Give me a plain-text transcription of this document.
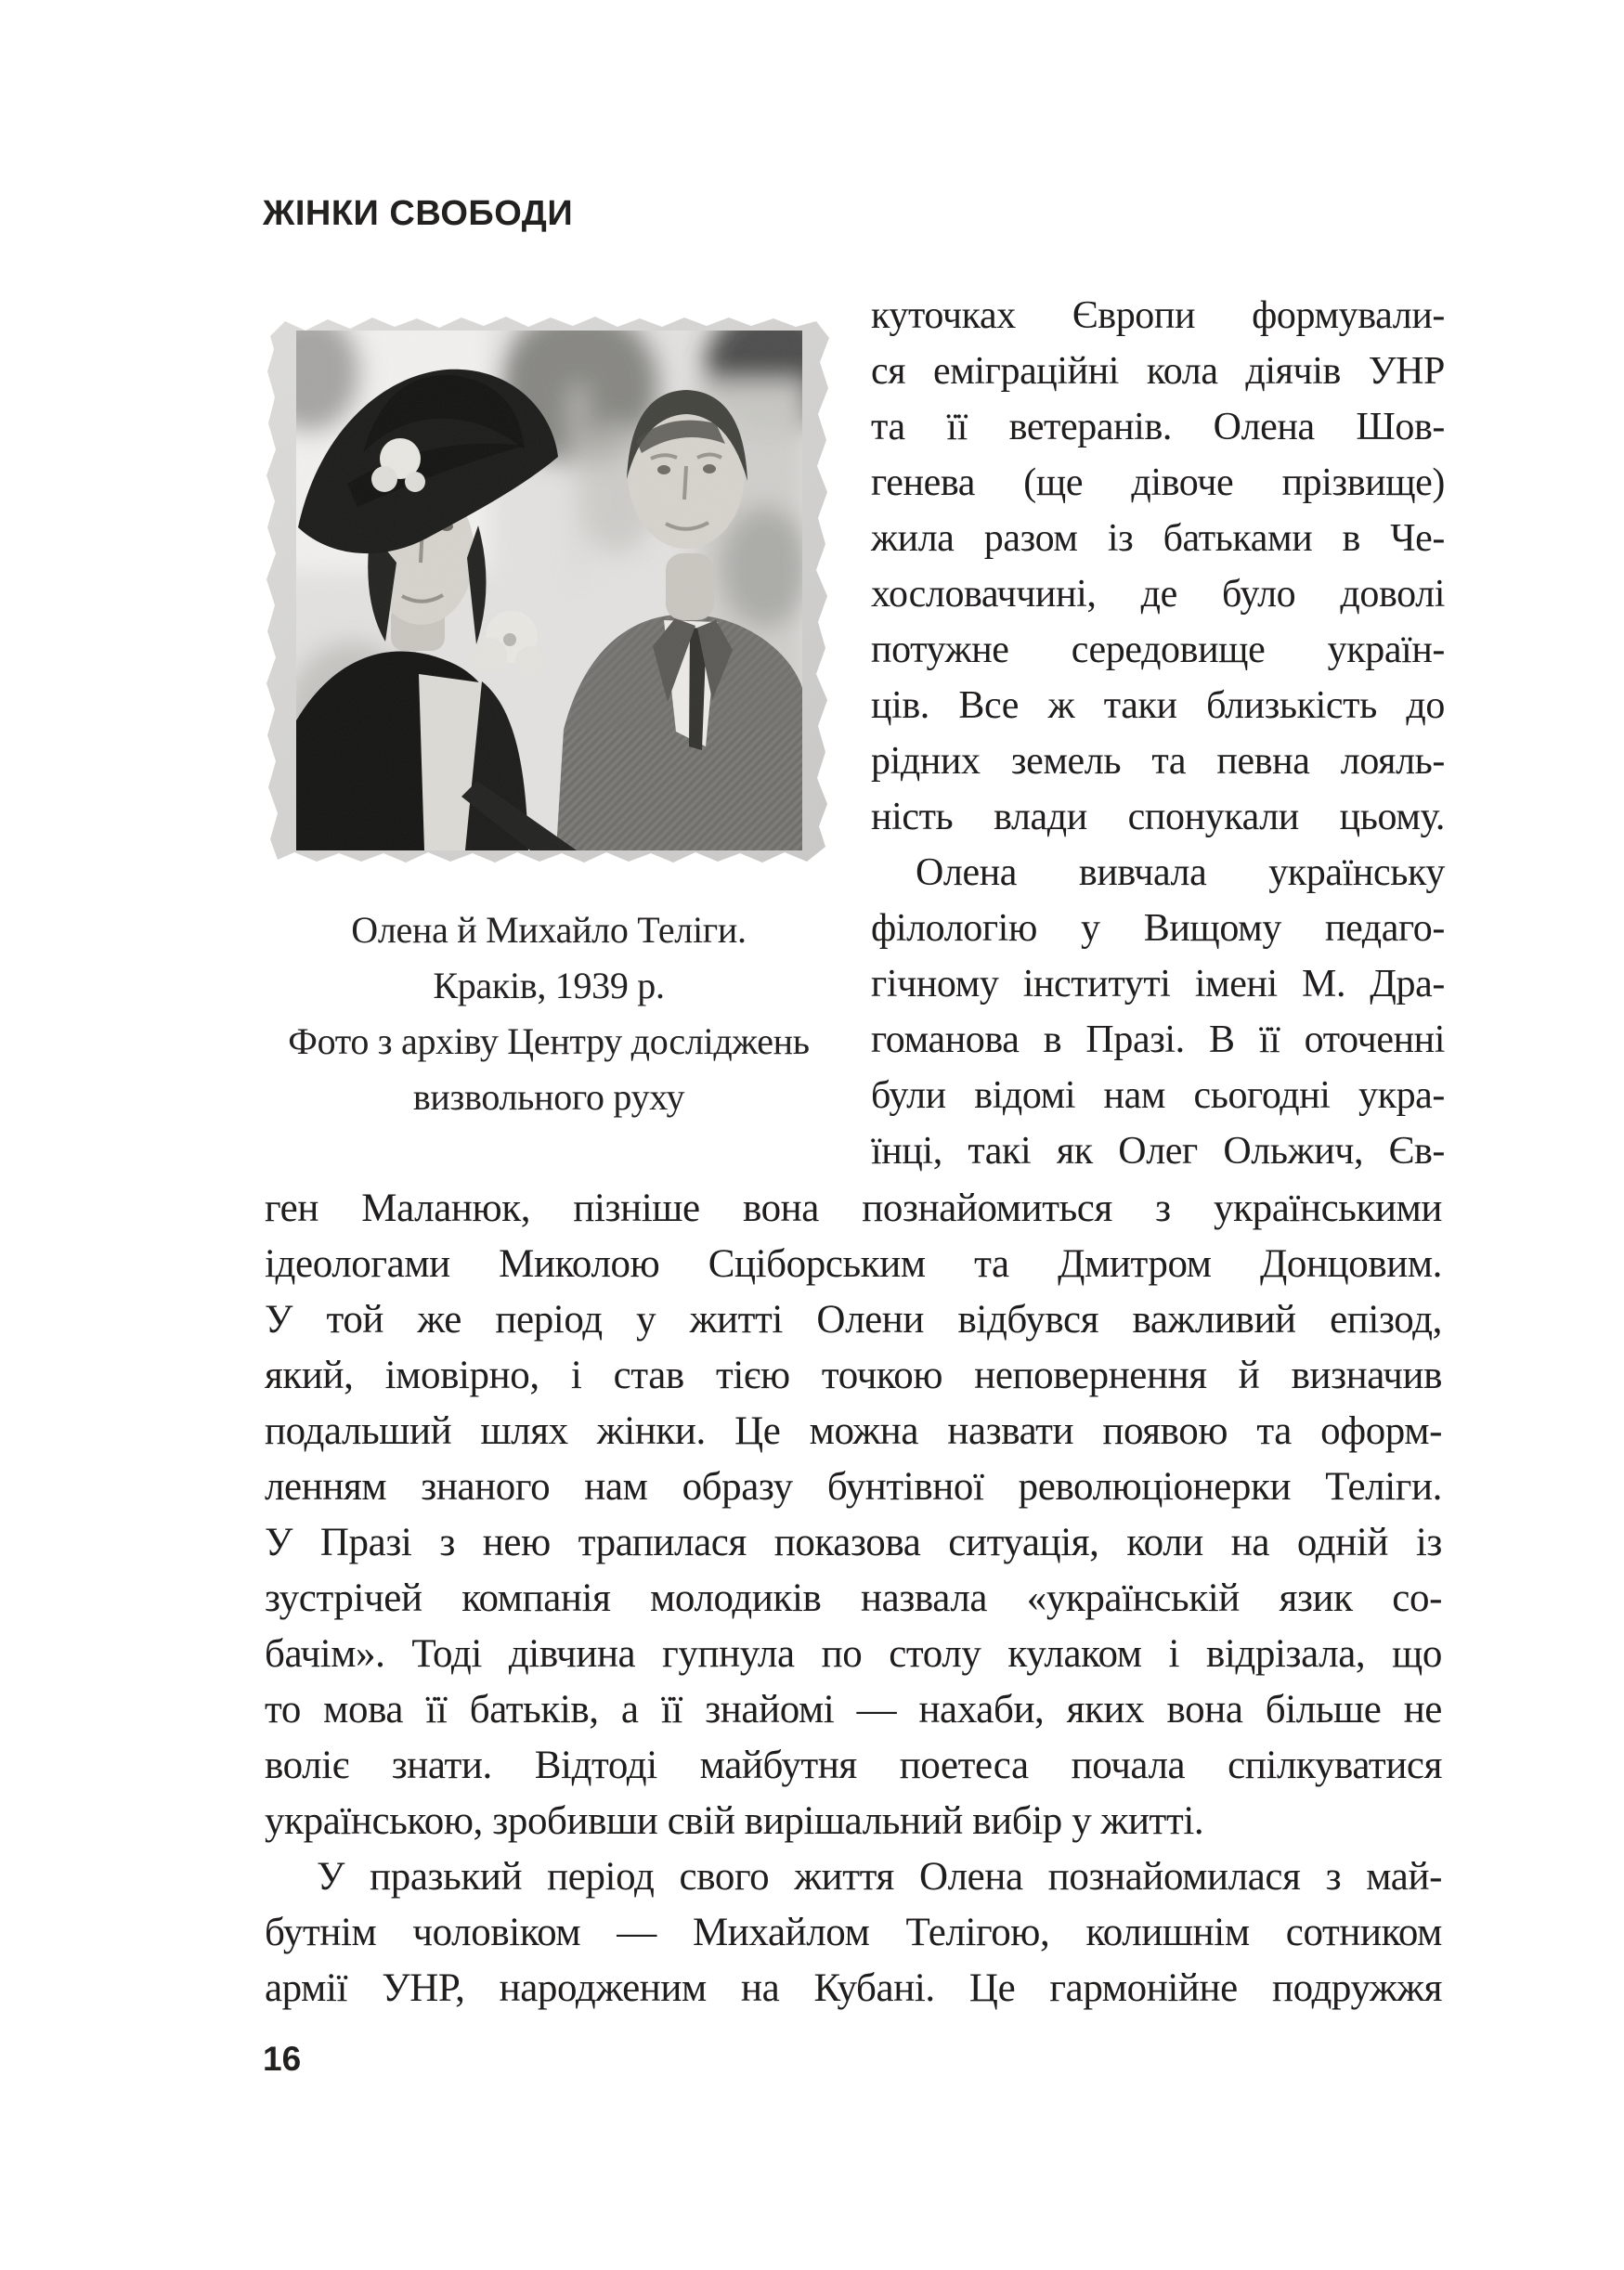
ЖІНКИ СВОБОДИ
Олена й Михайло Теліги.
Краків, 1939 р.
Фото з архіву Центру досліджень
визвольного руху
куточках Європи формували-
ся еміграційні кола діячів УНР
та її ветеранів. Олена Шов-
генева (ще дівоче прізвище)
жила разом із батьками в Че-
хословаччині, де було доволі
потужне середовище україн-
ців. Все ж таки близькість до
рідних земель та певна лояль-
ність влади спонукали цьому.
Олена вивчала українську
філологію у Вищому педаго-
гічному інституті імені М. Дра-
гоманова в Празі. В її оточенні
були відомі нам сьогодні укра-
їнці, такі як Олег Ольжич, Єв-
ген Маланюк, пізніше вона познайомиться з українськими
ідеологами Миколою Сціборським та Дмитром Донцовим.
У той же період у житті Олени відбувся важливий епізод,
який, імовірно, і став тією точкою неповернення й визначив
подальший шлях жінки. Це можна назвати появою та оформ-
ленням знаного нам образу бунтівної революціонерки Теліги.
У Празі з нею трапилася показова ситуація, коли на одній із
зустрічей компанія молодиків назвала «українській язик со-
бачім». Тоді дівчина гупнула по столу кулаком і відрізала, що
то мова її батьків, а її знайомі — нахаби, яких вона більше не
воліє знати. Відтоді майбутня поетеса почала спілкуватися
українською, зробивши свій вирішальний вибір у житті.
У празький період свого життя Олена познайомилася з май-
бутнім чоловіком — Михайлом Телігою, колишнім сотником
армії УНР, народженим на Кубані. Це гармонійне подружжя
16
